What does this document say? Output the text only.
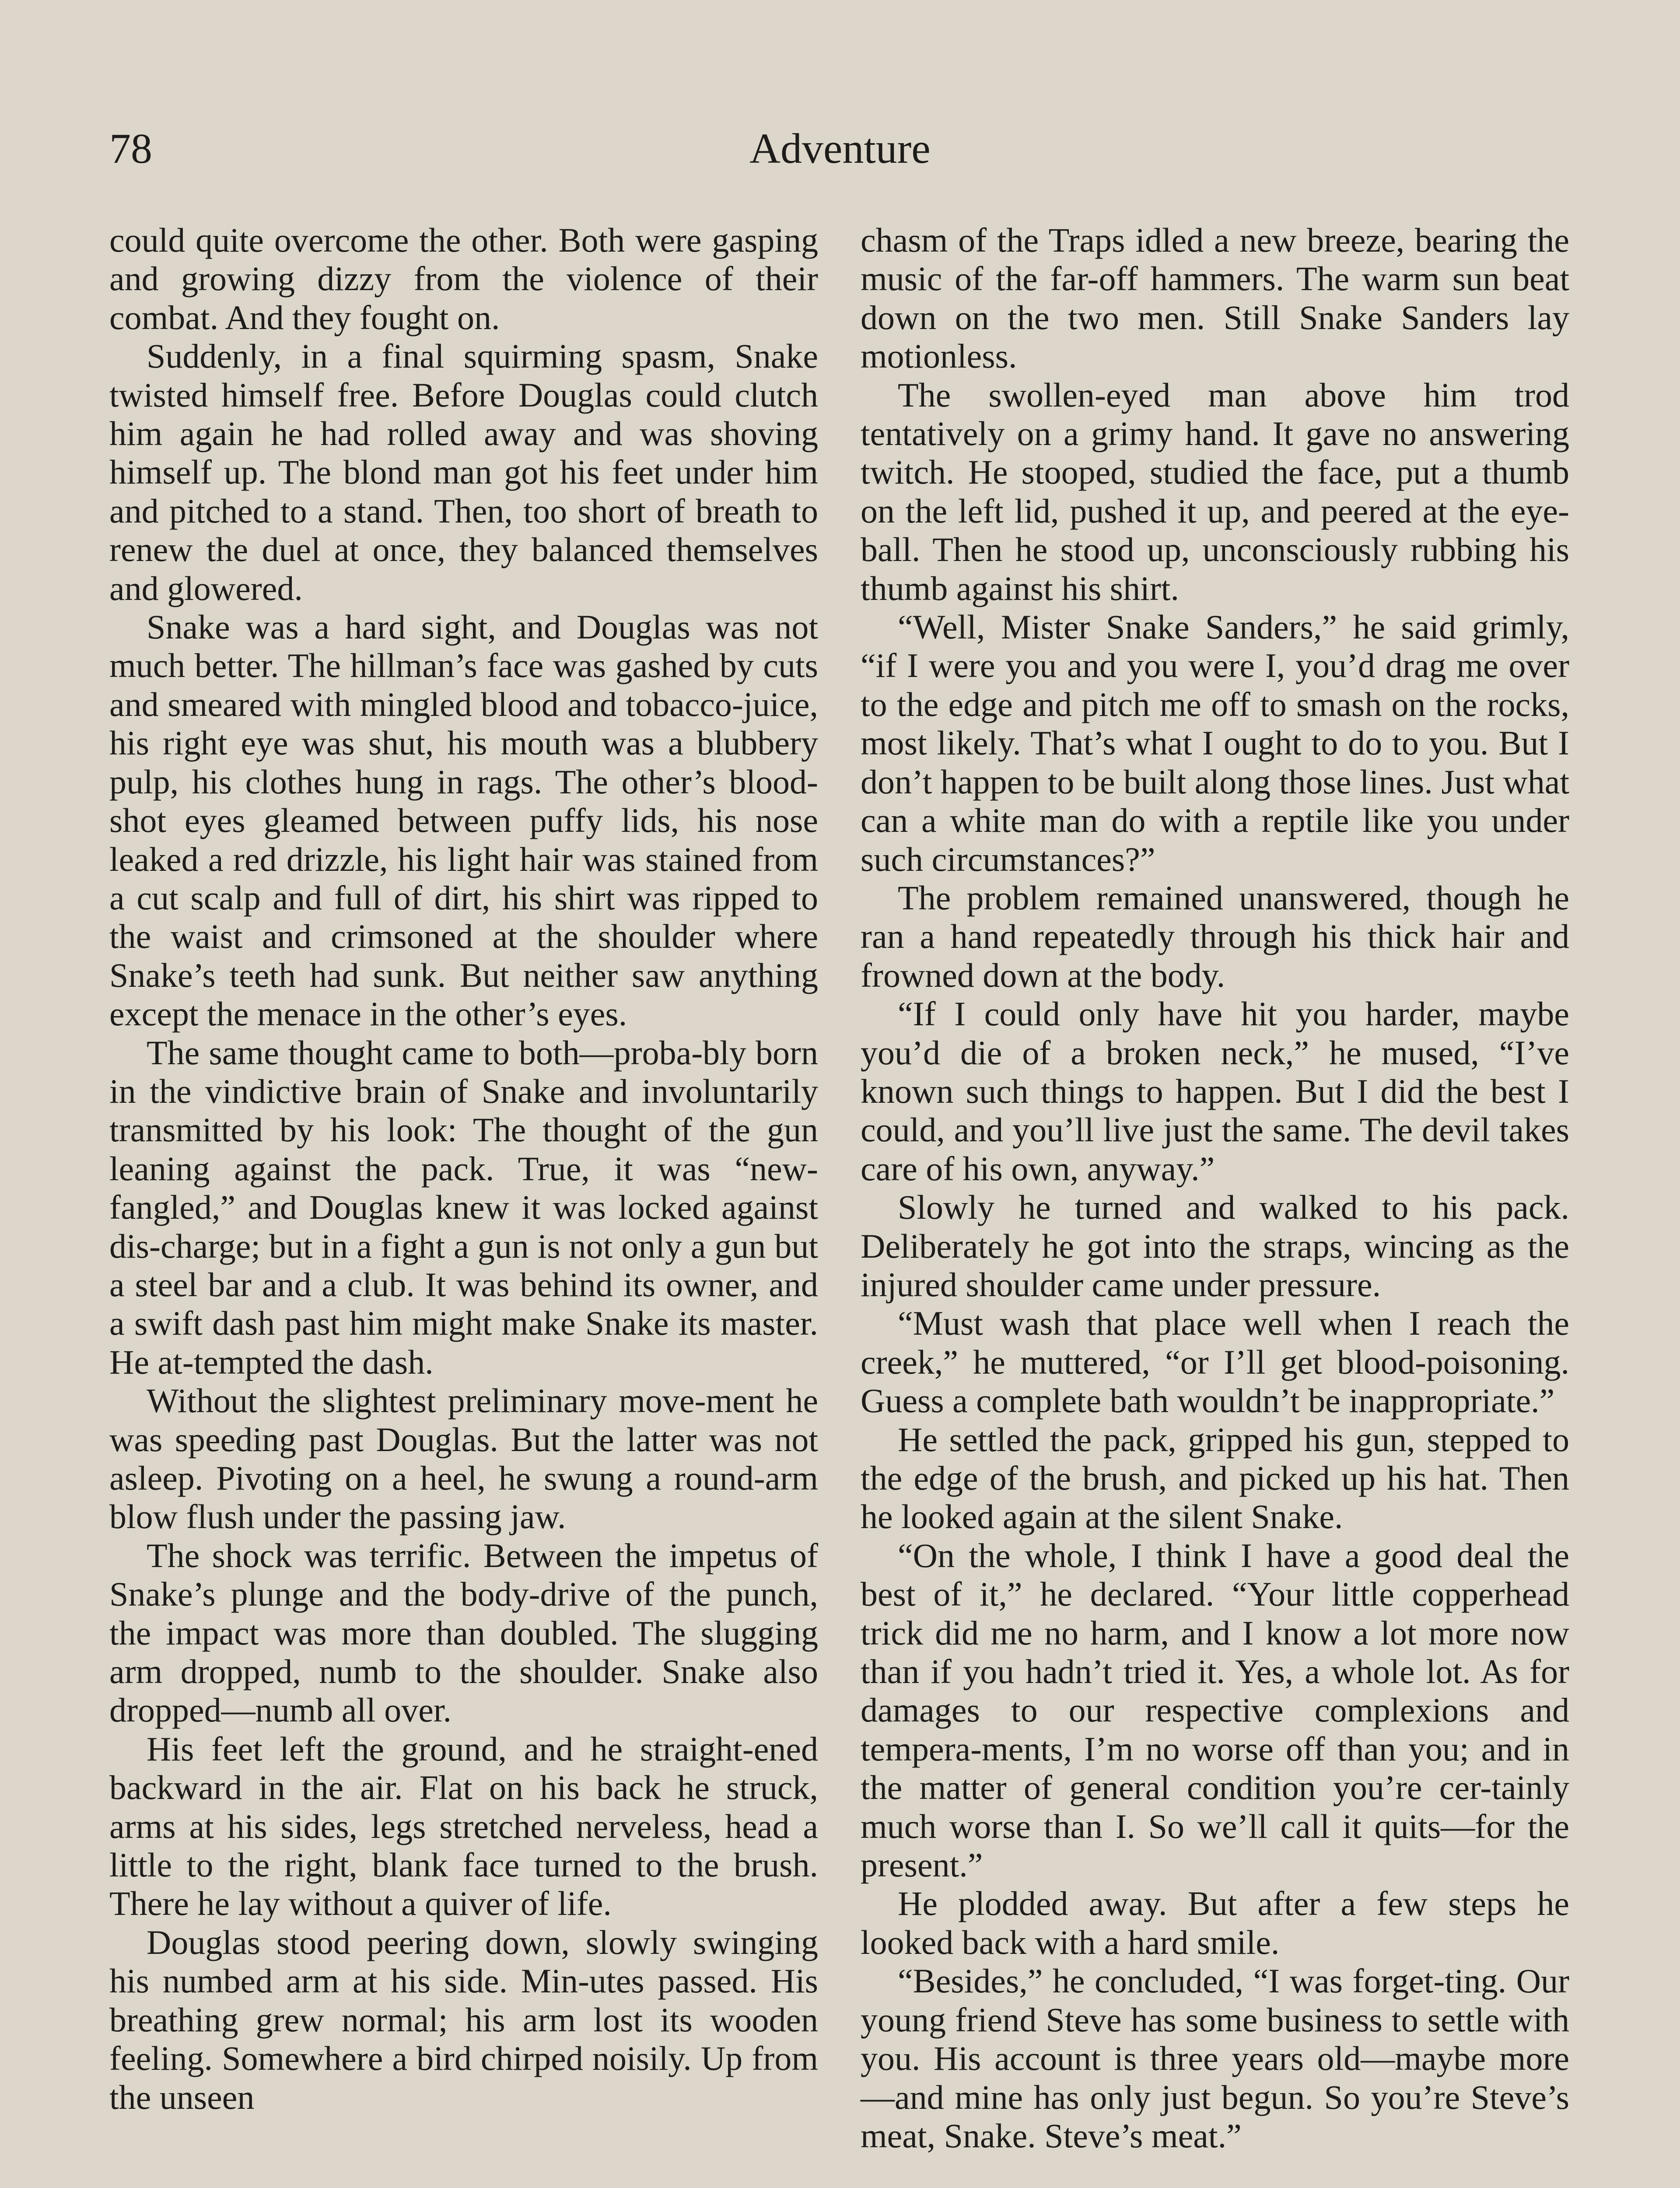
78	Adventure

could quite overcome the other. Both were gasping and growing dizzy from the violence of their combat. And they fought on.

Suddenly, in a final squirming spasm, Snake twisted himself free. Before Douglas could clutch him again he had rolled away and was shoving himself up. The blond man got his feet under him and pitched to a stand. Then, too short of breath to renew the duel at once, they balanced themselves and glowered.

Snake was a hard sight, and Douglas was not much better. The hillman’s face was gashed by cuts and smeared with mingled blood and tobacco-juice, his right eye was shut, his mouth was a blubbery pulp, his clothes hung in rags. The other’s blood-shot eyes gleamed between puffy lids, his nose leaked a red drizzle, his light hair was stained from a cut scalp and full of dirt, his shirt was ripped to the waist and crimsoned at the shoulder where Snake’s teeth had sunk. But neither saw anything except the menace in the other’s eyes.

The same thought came to both—proba-bly born in the vindictive brain of Snake and involuntarily transmitted by his look: The thought of the gun leaning against the pack. True, it was “new-fangled,” and Douglas knew it was locked against dis-charge; but in a fight a gun is not only a gun but a steel bar and a club. It was behind its owner, and a swift dash past him might make Snake its master. He at-tempted the dash.

Without the slightest preliminary move-ment he was speeding past Douglas. But the latter was not asleep. Pivoting on a heel, he swung a round-arm blow flush under the passing jaw.

The shock was terrific. Between the impetus of Snake’s plunge and the body-drive of the punch, the impact was more than doubled. The slugging arm dropped, numb to the shoulder. Snake also dropped—numb all over.

His feet left the ground, and he straight-ened backward in the air. Flat on his back he struck, arms at his sides, legs stretched nerveless, head a little to the right, blank face turned to the brush. There he lay without a quiver of life.

Douglas stood peering down, slowly swinging his numbed arm at his side. Min-utes passed. His breathing grew normal; his arm lost its wooden feeling. Somewhere a bird chirped noisily. Up from the unseen

chasm of the Traps idled a new breeze, bearing the music of the far-off hammers. The warm sun beat down on the two men. Still Snake Sanders lay motionless.

The swollen-eyed man above him trod tentatively on a grimy hand. It gave no answering twitch. He stooped, studied the face, put a thumb on the left lid, pushed it up, and peered at the eye-ball. Then he stood up, unconsciously rubbing his thumb against his shirt.

“Well, Mister Snake Sanders,” he said grimly, “if I were you and you were I, you’d drag me over to the edge and pitch me off to smash on the rocks, most likely. That’s what I ought to do to you. But I don’t happen to be built along those lines. Just what can a white man do with a reptile like you under such circumstances?”

The problem remained unanswered, though he ran a hand repeatedly through his thick hair and frowned down at the body.

“If I could only have hit you harder, maybe you’d die of a broken neck,” he mused, “I’ve known such things to happen. But I did the best I could, and you’ll live just the same. The devil takes care of his own, anyway.”

Slowly he turned and walked to his pack. Deliberately he got into the straps, wincing as the injured shoulder came under pressure.

“Must wash that place well when I reach the creek,” he muttered, “or I’ll get blood-poisoning. Guess a complete bath wouldn’t be inappropriate.”

He settled the pack, gripped his gun, stepped to the edge of the brush, and picked up his hat. Then he looked again at the silent Snake.

“On the whole, I think I have a good deal the best of it,” he declared. “Your little copperhead trick did me no harm, and I know a lot more now than if you hadn’t tried it. Yes, a whole lot. As for damages to our respective complexions and tempera-ments, I’m no worse off than you; and in the matter of general condition you’re cer-tainly much worse than I. So we’ll call it quits—for the present.”

He plodded away. But after a few steps he looked back with a hard smile.

“Besides,” he concluded, “I was forget-ting. Our young friend Steve has some business to settle with you. His account is three years old—maybe more—and mine has only just begun. So you’re Steve’s meat, Snake. Steve’s meat.”
